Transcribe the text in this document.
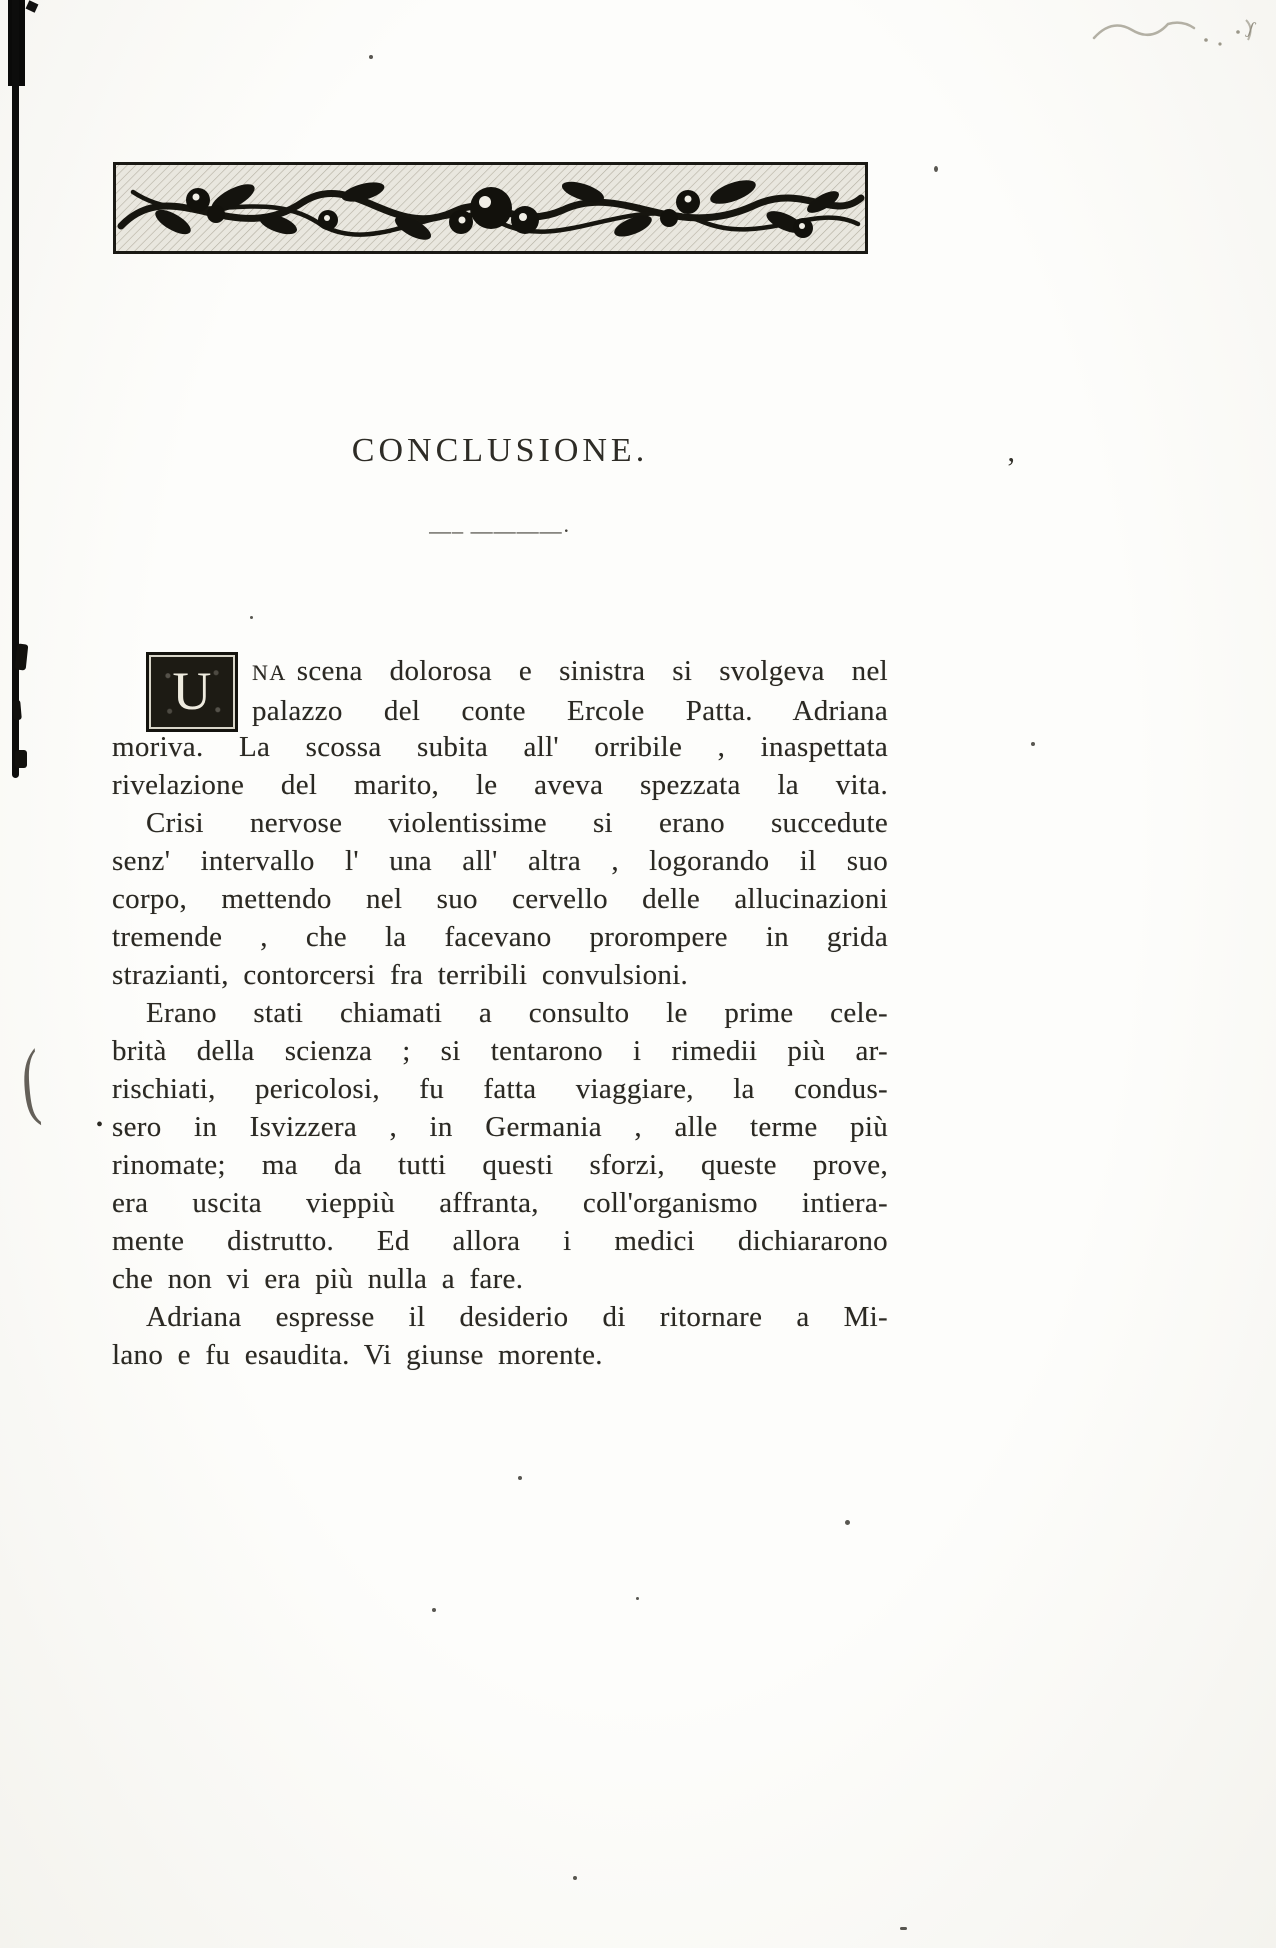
ʃ
ʼ
(	•
CONCLUSIONE.
—– ————·
U	NA scena dolorosa e sinistra si svolgeva nel
palazzo del conte Ercole Patta. Adriana
moriva. La scossa subita all' orribile , inaspettata
rivelazione del marito, le aveva spezzata la vita.
Crisi nervose violentissime si erano succedute
senz' intervallo l' una all' altra , logorando il suo
corpo, mettendo nel suo cervello delle allucinazioni
tremende , che la facevano prorompere in grida
strazianti, contorcersi fra terribili convulsioni.
Erano stati chiamati a consulto le prime cele-
brità della scienza ; si tentarono i rimedii più ar-
rischiati, pericolosi, fu fatta viaggiare, la condus-
sero in Isvizzera , in Germania , alle terme più
rinomate; ma da tutti questi sforzi, queste prove,
era uscita vieppiù affranta, coll'organismo intiera-
mente distrutto. Ed allora i medici dichiararono
che non vi era più nulla a fare.
Adriana espresse il desiderio di ritornare a Mi-
lano e fu esaudita. Vi giunse morente.
